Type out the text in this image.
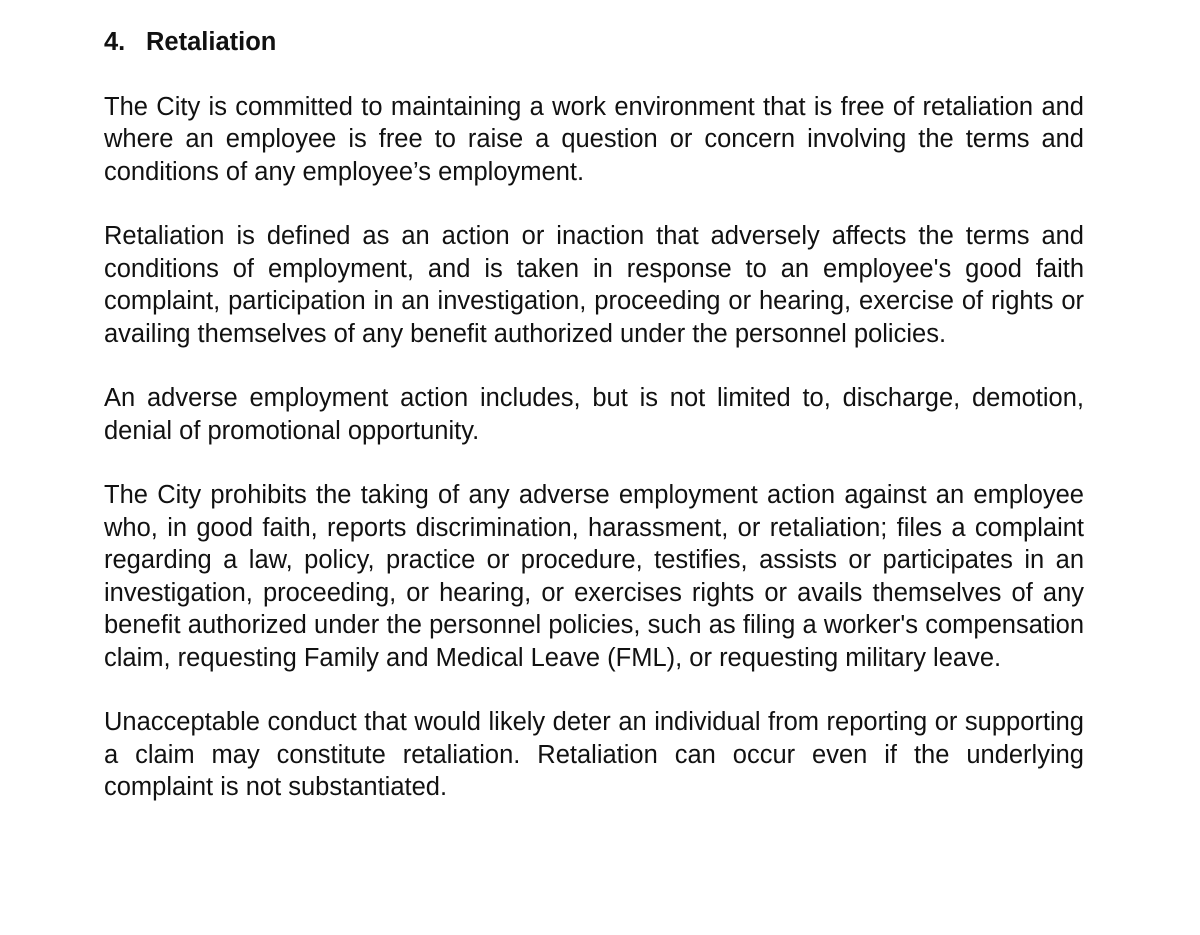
4. Retaliation

The City is committed to maintaining a work environment that is free of retaliation and where an employee is free to raise a question or concern involving the terms and conditions of any employee’s employment.

Retaliation is defined as an action or inaction that adversely affects the terms and conditions of employment, and is taken in response to an employee's good faith complaint, participation in an investigation, proceeding or hearing, exercise of rights or availing themselves of any benefit authorized under the personnel policies.

An adverse employment action includes, but is not limited to, discharge, demotion, denial of promotional opportunity.

The City prohibits the taking of any adverse employment action against an employee who, in good faith, reports discrimination, harassment, or retaliation; files a complaint regarding a law, policy, practice or procedure, testifies, assists or participates in an investigation, proceeding, or hearing, or exercises rights or avails themselves of any benefit authorized under the personnel policies, such as filing a worker's compensation claim, requesting Family and Medical Leave (FML), or requesting military leave.

Unacceptable conduct that would likely deter an individual from reporting or supporting a claim may constitute retaliation. Retaliation can occur even if the underlying complaint is not substantiated.
